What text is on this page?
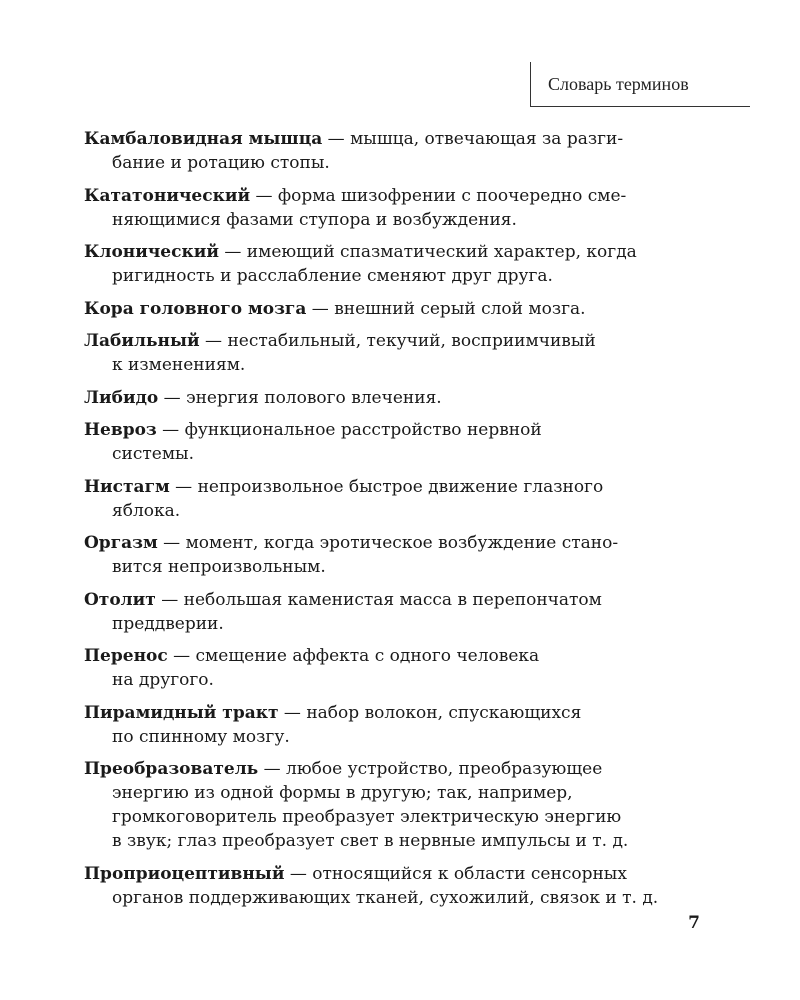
Словарь терминов

Камбаловидная мышца — мышца, отвечающая за разги-
бание и ротацию стопы.

Кататонический — форма шизофрении с поочередно сме-
няющимися фазами ступора и возбуждения.

Клонический — имеющий спазматический характер, когда
ригидность и расслабление сменяют друг друга.

Кора головного мозга — внешний серый слой мозга.

Лабильный — нестабильный, текучий, восприимчивый
к изменениям.

Либидо — энергия полового влечения.

Невроз — функциональное расстройство нервной
системы.

Нистагм — непроизвольное быстрое движение глазного
яблока.

Оргазм — момент, когда эротическое возбуждение стано-
вится непроизвольным.

Отолит — небольшая каменистая масса в перепончатом
преддверии.

Перенос — смещение аффекта с одного человека
на другого.

Пирамидный тракт — набор волокон, спускающихся
по спинному мозгу.

Преобразователь — любое устройство, преобразующее
энергию из одной формы в другую; так, например,
громкоговоритель преобразует электрическую энергию
в звук; глаз преобразует свет в нервные импульсы и т. д.

Проприоцептивный — относящийся к области сенсорных
органов поддерживающих тканей, сухожилий, связок и т. д.

7
